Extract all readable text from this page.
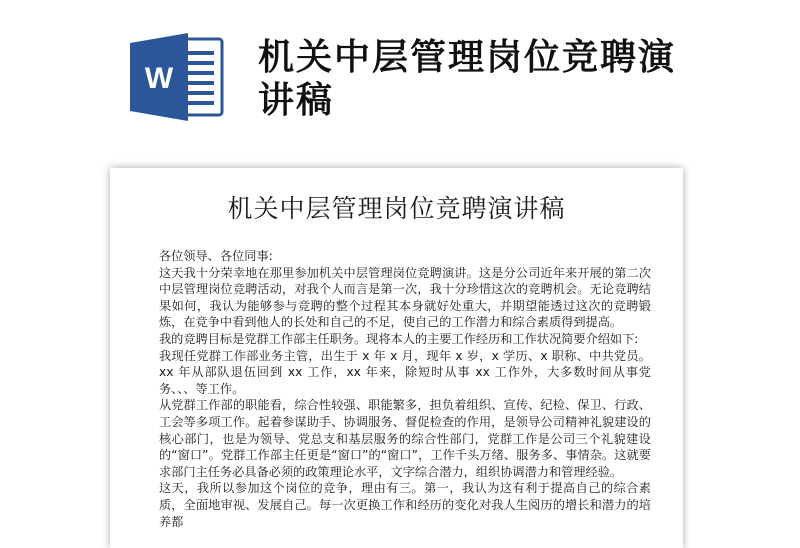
W
机关中层管理岗位竞聘演讲稿
机关中层管理岗位竞聘演讲稿

各位领导、各位同事:

这天我十分荣幸地在那里参加机关中层管理岗位竞聘演讲。这是分公司近年来开展的第二次中层管理岗位竞聘活动，对我个人而言是第一次，我十分珍惜这次的竞聘机会。无论竞聘结果如何，我认为能够参与竞聘的整个过程其本身就好处重大，并期望能透过这次的竞聘锻炼，在竞争中看到他人的长处和自己的不足，使自己的工作潜力和综合素质得到提高。

我的竞聘目标是党群工作部主任职务。现将本人的主要工作经历和工作状况简要介绍如下:

我现任党群工作部业务主管，出生于 x 年 x 月，现年 x 岁，x 学历、x 职称、中共党员。xx 年从部队退伍回到 xx 工作，xx 年来，除短时从事 xx 工作外，大多数时间从事党务、、、等工作。

从党群工作部的职能看，综合性较强、职能繁多，担负着组织、宣传、纪检、保卫、行政、工会等多项工作。起着参谋助手、协调服务、督促检查的作用，是领导公司精神礼貌建设的核心部门，也是为领导、党总支和基层服务的综合性部门，党群工作是公司三个礼貌建设的“窗口”。党群工作部主任更是“窗口”的“窗口”，工作千头万绪、服务多、事情杂。这就要求部门主任务必具备必须的政策理论水平，文字综合潜力，组织协调潜力和管理经验。

这天，我所以参加这个岗位的竞争，理由有三。第一，我认为这有利于提高自己的综合素质，全面地审视、发展自己。每一次更换工作和经历的变化对我人生阅历的增长和潜力的培养都
